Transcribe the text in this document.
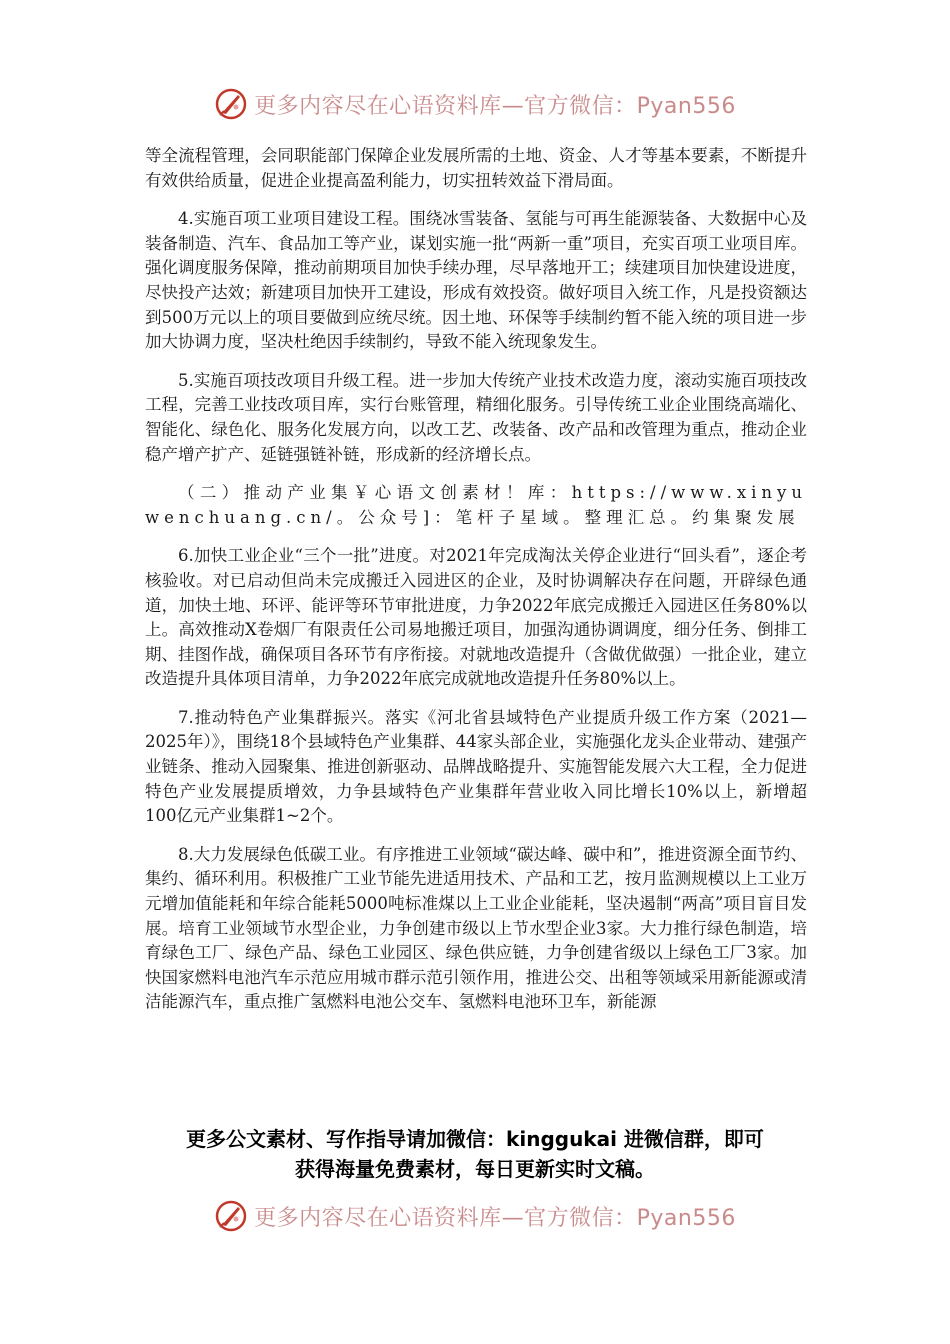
更多内容尽在心语资料库—官方微信：Pyan556

等全流程管理，会同职能部门保障企业发展所需的土地、资金、人才等基本要素，不断提升有效供给质量，促进企业提高盈利能力，切实扭转效益下滑局面。

4.实施百项工业项目建设工程。围绕冰雪装备、氢能与可再生能源装备、大数据中心及装备制造、汽车、食品加工等产业，谋划实施一批“两新一重”项目，充实百项工业项目库。强化调度服务保障，推动前期项目加快手续办理，尽早落地开工；续建项目加快建设进度，尽快投产达效；新建项目加快开工建设，形成有效投资。做好项目入统工作，凡是投资额达到500万元以上的项目要做到应统尽统。因土地、环保等手续制约暂不能入统的项目进一步加大协调力度，坚决杜绝因手续制约，导致不能入统现象发生。

5.实施百项技改项目升级工程。进一步加大传统产业技术改造力度，滚动实施百项技改工程，完善工业技改项目库，实行台账管理，精细化服务。引导传统工业企业围绕高端化、智能化、绿色化、服务化发展方向，以改工艺、改装备、改产品和改管理为重点，推动企业稳产增产扩产、延链强链补链，形成新的经济增长点。

（二）推动产业集￥心语文创素材！库：https://www.xinyuwenchuang.cn/。公众号]：笔杆子星域。整理汇总。约集聚发展

6.加快工业企业“三个一批”进度。对2021年完成淘汰关停企业进行“回头看”，逐企考核验收。对已启动但尚未完成搬迁入园进区的企业，及时协调解决存在问题，开辟绿色通道，加快土地、环评、能评等环节审批进度，力争2022年底完成搬迁入园进区任务80%以上。高效推动X卷烟厂有限责任公司易地搬迁项目，加强沟通协调调度，细分任务、倒排工期、挂图作战，确保项目各环节有序衔接。对就地改造提升（含做优做强）一批企业，建立改造提升具体项目清单，力争2022年底完成就地改造提升任务80%以上。

7.推动特色产业集群振兴。落实《河北省县域特色产业提质升级工作方案（2021—2025年）》，围绕18个县域特色产业集群、44家头部企业，实施强化龙头企业带动、建强产业链条、推动入园聚集、推进创新驱动、品牌战略提升、实施智能发展六大工程，全力促进特色产业发展提质增效，力争县域特色产业集群年营业收入同比增长10%以上，新增超100亿元产业集群1~2个。

8.大力发展绿色低碳工业。有序推进工业领域“碳达峰、碳中和”，推进资源全面节约、集约、循环利用。积极推广工业节能先进适用技术、产品和工艺，按月监测规模以上工业万元增加值能耗和年综合能耗5000吨标准煤以上工业企业能耗，坚决遏制“两高”项目盲目发展。培育工业领域节水型企业，力争创建市级以上节水型企业3家。大力推行绿色制造，培育绿色工厂、绿色产品、绿色工业园区、绿色供应链，力争创建省级以上绿色工厂3家。加快国家燃料电池汽车示范应用城市群示范引领作用，推进公交、出租等领域采用新能源或清洁能源汽车，重点推广氢燃料电池公交车、氢燃料电池环卫车，新能源

更多公文素材、写作指导请加微信：kinggukai 进微信群，即可
获得海量免费素材，每日更新实时文稿。
更多内容尽在心语资料库—官方微信：Pyan556
